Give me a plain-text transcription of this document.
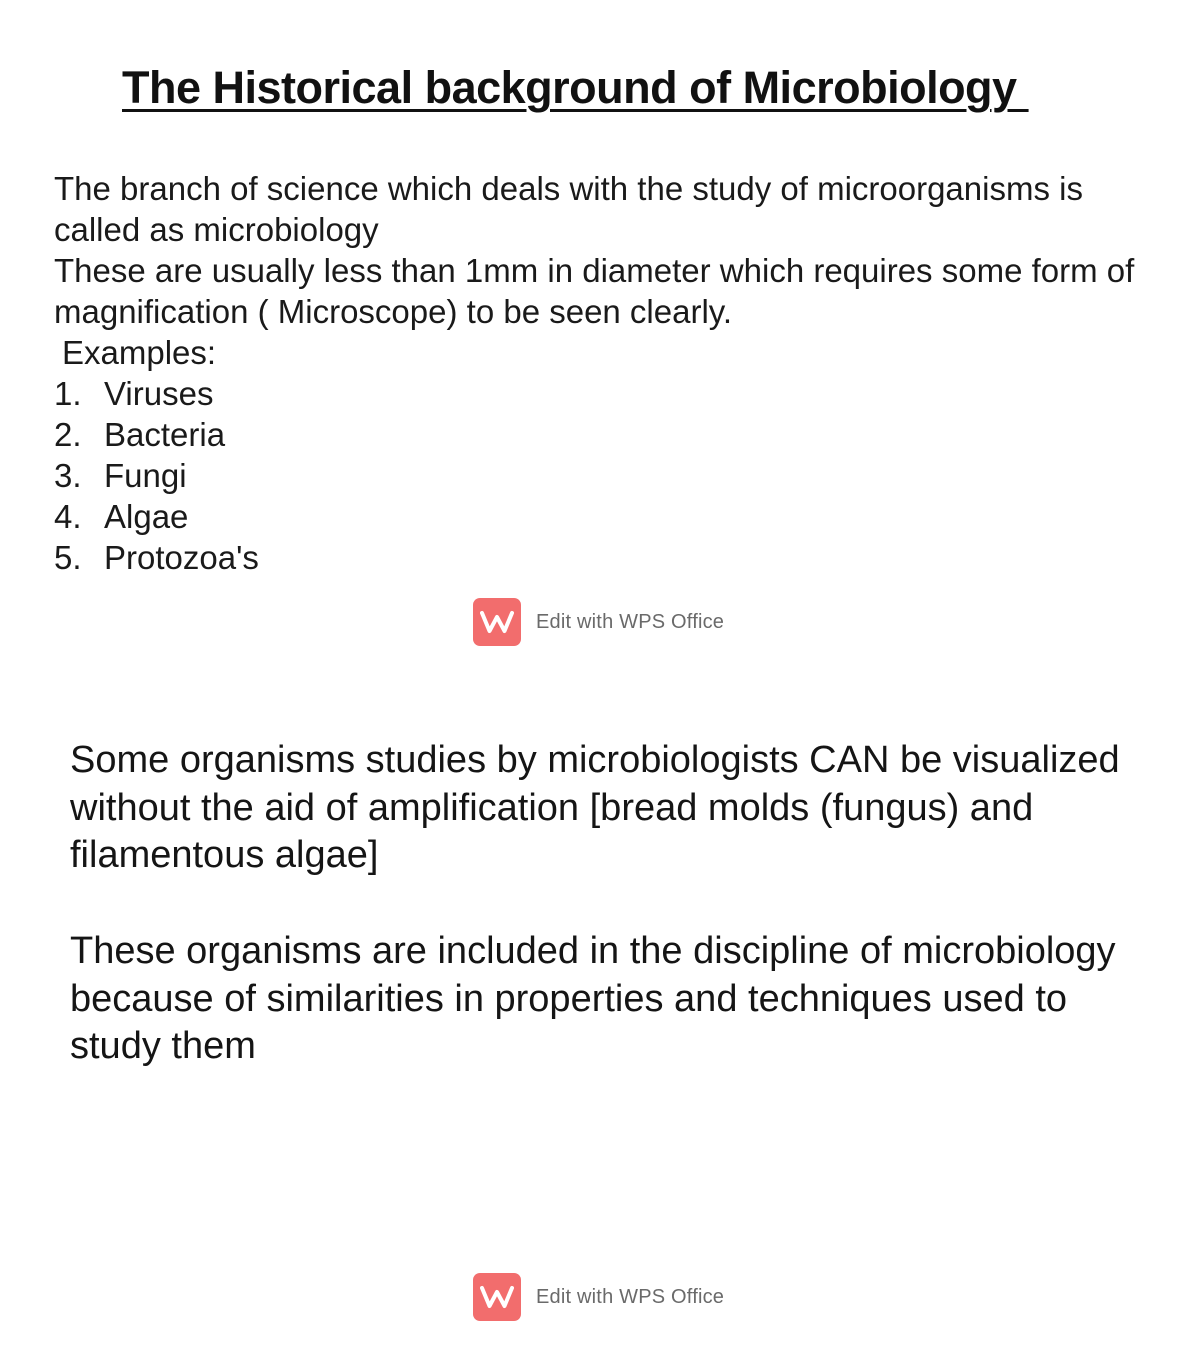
The Historical background of Microbiology

The branch of science which deals with the study of microorganisms is called as microbiology

These are usually less than 1mm in diameter which requires some form of magnification ( Microscope) to be seen clearly.

Examples:

1. Viruses
2. Bacteria
3. Fungi
4. Algae
5. Protozoa's
Edit with WPS Office

Some organisms studies by microbiologists CAN be visualized without the aid of amplification [bread molds (fungus) and filamentous algae]

These organisms are included in the discipline of microbiology because of similarities in properties and techniques used to study them

Edit with WPS Office
